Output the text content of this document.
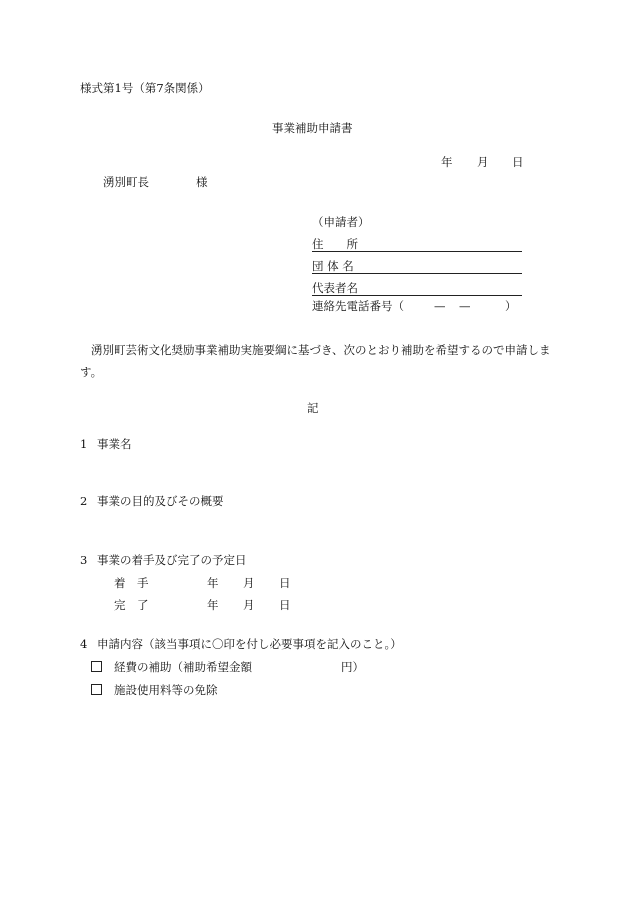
様式第1号（第7条関係）
事業補助申請書
年 月 日
湧別町長	様
（申請者）
住　　所
団 体 名
代表者名
連絡先電話番号（	— —	）
湧別町芸術文化奨励事業補助実施要綱に基づき、次のとおり補助を希望するので申請します。
記
1 事業名
2 事業の目的及びその概要
3 事業の着手及び完了の予定日
着　手	年 月 日
完　了	年 月 日
4 申請内容（該当事項に〇印を付し必要事項を記入のこと。）
経費の補助（補助希望金額	円）
施設使用料等の免除
